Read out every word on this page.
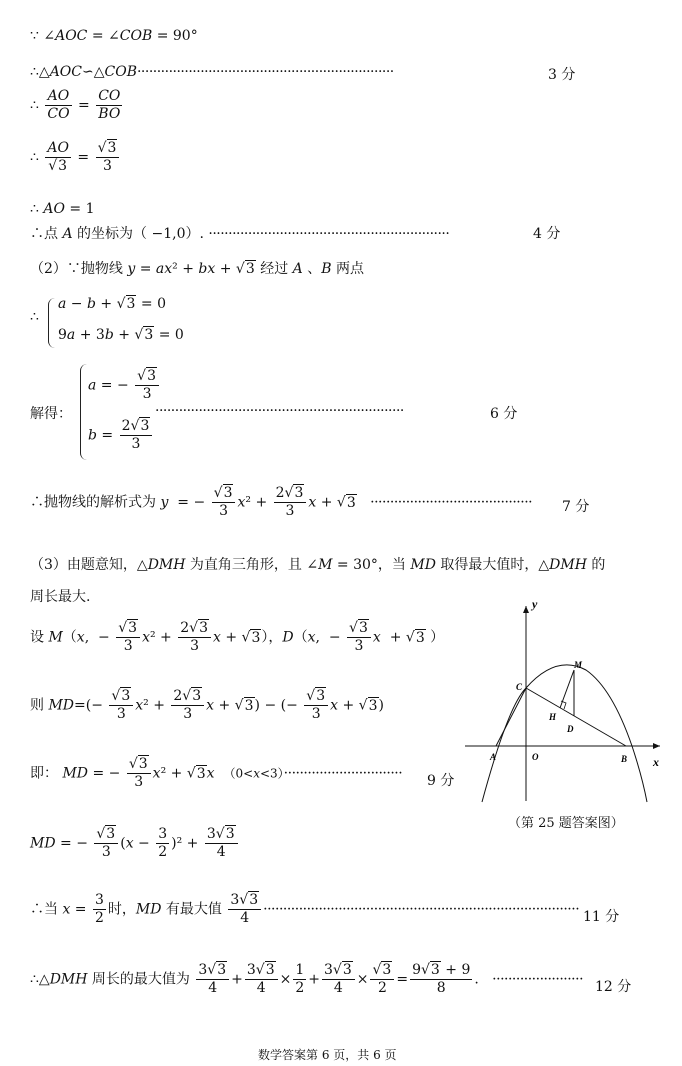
∵ ∠AOC = ∠COB = 90°
∴△AOC∽△COB·································································	3 分
∴ $\frac{AO}{CO} = \frac{CO}{BO}$
∴ $\frac{AO}{√3} = \frac{√3}{3}$
∴ AO = 1
∴点 A 的坐标为（ −1,0）. ·····························································	4 分
（2）∵抛物线 y = ax² + bx + √3 经过 A 、B 两点
∴
a − b + √3 = 0
9a + 3b + √3 = 0
解得：
a = − $\frac{√3}{3}$
$b = \frac{2√3}{3}$
·······························································	6 分
∴抛物线的解析式为 y  = − $\frac{√3}{3} x^2 + \frac{2√3}{3}$ x + √3 ········································· 7 分
（3）由题意知，△DMH 为直角三角形，且 ∠M = 30°，当 MD 取得最大值时，△DMH 的
周长最大.
设 M（x,  − $\frac{√3}{3} x^2 + \frac{2√3}{3}$ x + √3），D（x,  − $\frac{√3}{3}$ x  + √3 ）
则 $MD=(- \frac{√3}{3} x^2 + \frac{2√3}{3}$ x + √3) − (− $\frac{√3}{3}$ x + √3)
即： MD = − $\frac{√3}{3} x^2 + √3x$ （0<x<3）······························ 9 分
MD = − $\frac{√3}{3} (x - \frac{3}{2} )^2 + \frac{3√3}{4}$
∴当 $x = \frac{3}{2}$ 时，MD 有最大值 $\frac{3√3}{4}$ ················································································ 11 分
∴△DMH 周长的最大值为 $\frac{3√3}{4} + \frac{3√3}{4} \times \frac{1}{2} + \frac{3√3}{4} \times \frac{√3}{2} = \frac{9√3 + 9}{8}$ .   ······················· 12 分
y
x
C
M
H
D
A	O	B
（第 25 题答案图）
数学答案第 6 页，共 6 页
